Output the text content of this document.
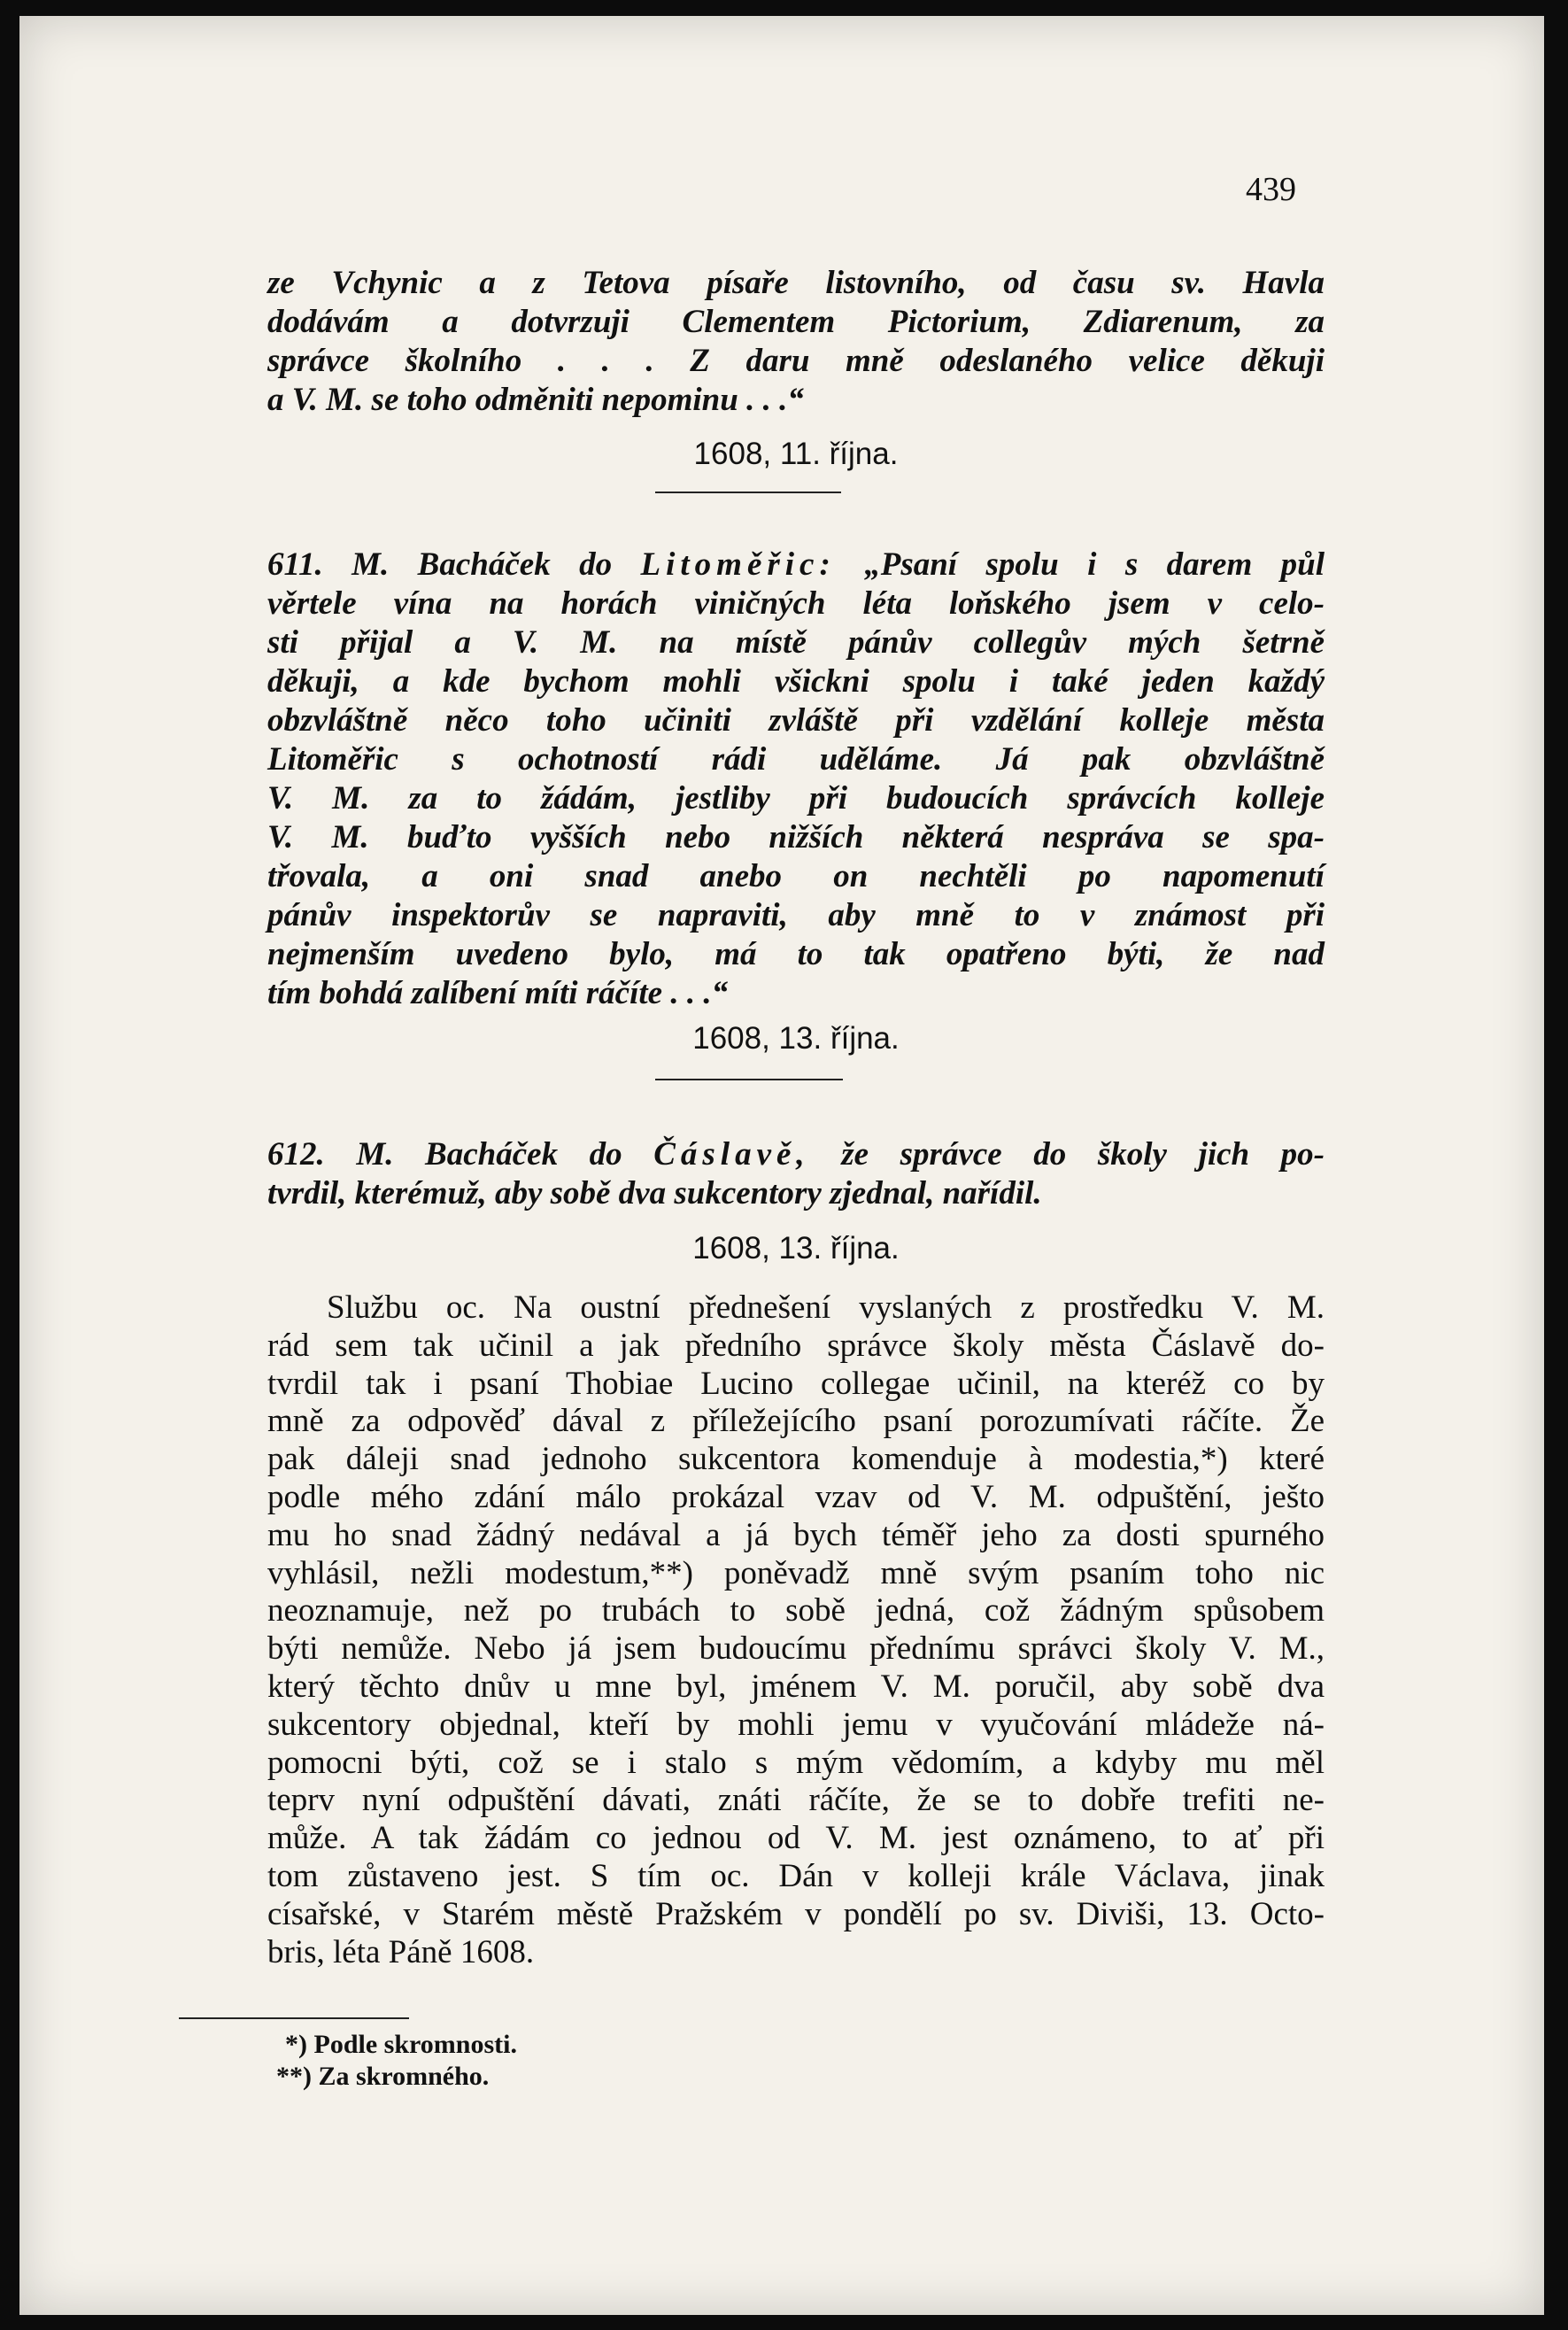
439
ze Vchynic a z Tetova písaře listovního, od času sv. Havla
dodávám a dotvrzuji Clementem Pictorium, Zdiarenum, za
správce školního . . . Z daru mně odeslaného velice děkuji
a V. M. se toho odměniti nepominu . . .“
1608, 11. října.
611. M. Bacháček do Litoměřic: „Psaní spolu i s darem půl
věrtele vína na horách viničných léta loňského jsem v celo-
sti přijal a V. M. na místě pánův collegův mých šetrně
děkuji, a kde bychom mohli všickni spolu i také jeden každý
obzvláštně něco toho učiniti zvláště při vzdělání kolleje města
Litoměřic s ochotností rádi uděláme. Já pak obzvláštně
V. M. za to žádám, jestliby při budoucích správcích kolleje
V. M. buďto vyšších nebo nižších některá nespráva se spa-
třovala, a oni snad anebo on nechtěli po napomenutí
pánův inspektorův se napraviti, aby mně to v známost při
nejmenším uvedeno bylo, má to tak opatřeno býti, že nad
tím bohdá zalíbení míti ráčíte . . .“
1608, 13. října.
612. M. Bacháček do Čáslavě, že správce do školy jich po-
tvrdil, kterémuž, aby sobě dva sukcentory zjednal, nařídil.
1608, 13. října.
Službu oc. Na oustní přednešení vyslaných z prostředku V. M.
rád sem tak učinil a jak předního správce školy města Čáslavě do-
tvrdil tak i psaní Thobiae Lucino collegae učinil, na kteréž co by
mně za odpověď dával z příležejícího psaní porozumívati ráčíte. Že
pak dáleji snad jednoho sukcentora komenduje à modestia,*) které
podle mého zdání málo prokázal vzav od V. M. odpuštění, ješto
mu ho snad žádný nedával a já bych téměř jeho za dosti spurného
vyhlásil, nežli modestum,**) poněvadž mně svým psaním toho nic
neoznamuje, než po trubách to sobě jedná, což žádným spůsobem
býti nemůže. Nebo já jsem budoucímu přednímu správci školy V. M.,
který těchto dnův u mne byl, jménem V. M. poručil, aby sobě dva
sukcentory objednal, kteří by mohli jemu v vyučování mládeže ná-
pomocni býti, což se i stalo s mým vědomím, a kdyby mu měl
teprv nyní odpuštění dávati, znáti ráčíte, že se to dobře trefiti ne-
může. A tak žádám co jednou od V. M. jest oznámeno, to ať při
tom zůstaveno jest. S tím oc. Dán v kolleji krále Václava, jinak
císařské, v Starém městě Pražském v pondělí po sv. Diviši, 13. Octo-
bris, léta Páně 1608.
*) Podle skromnosti.
**) Za skromného.
